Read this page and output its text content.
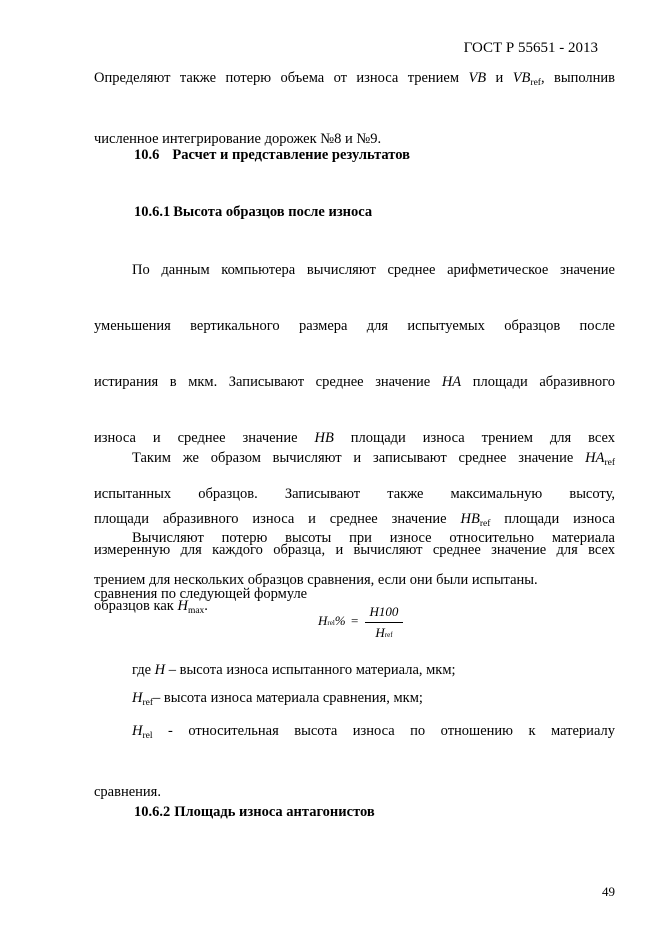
ГОСТ Р 55651 - 2013
Определяют также потерю объема от износа трением VB и $VB_{ref}$, выполнив
численное интегрирование дорожек №8 и №9.
10.6 Расчет и представление результатов
10.6.1 Высота образцов после износа
По данным компьютера вычисляют среднее арифметическое значение
уменьшения вертикального размера для испытуемых образцов после
истирания в мкм. Записывают среднее значение HA площади абразивного
износа и среднее значение HB площади износа трением для всех
испытанных образцов. Записывают также максимальную высоту,
измеренную для каждого образца, и вычисляют среднее значение для всех
образцов как $H_{max}$.
Таким же образом вычисляют и записывают среднее значение $HA_{ref}$
площади абразивного износа и среднее значение $HB_{ref}$ площади износа
трением для нескольких образцов сравнения, если они были испытаны.
Вычисляют потерю высоты при износе относительно материала
сравнения по следующей формуле
Hrel% =
H100
Href
где H – высота износа испытанного материала, мкм;
$H_{ref}-$ высота износа материала сравнения, мкм;
$H_{rel}$ - относительная высота износа по отношению к материалу
сравнения.
10.6.2 Площадь износа антагонистов
49
